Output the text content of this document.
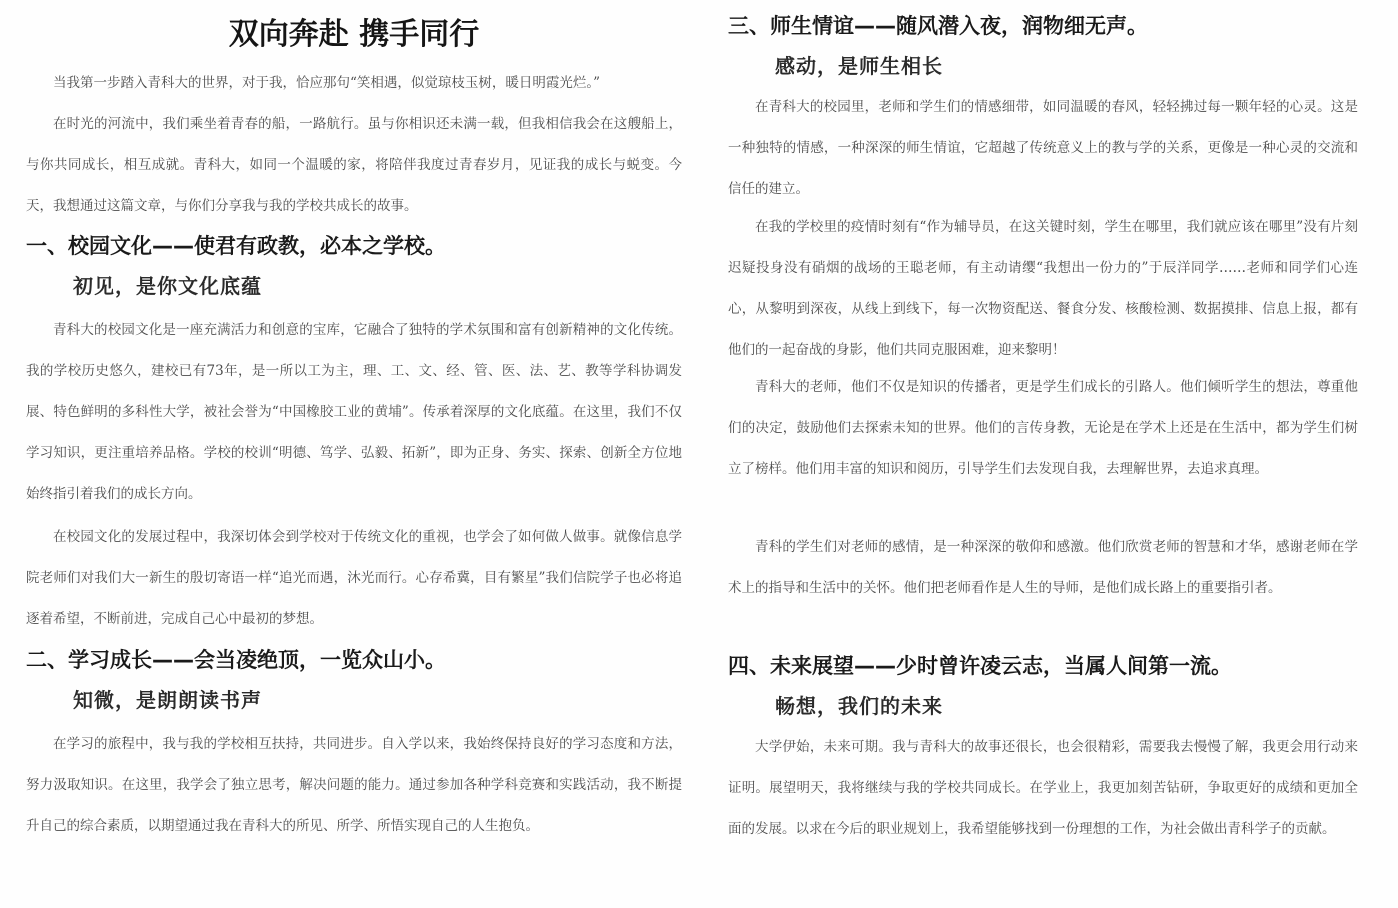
双向奔赴 携手同行

当我第一步踏入青科大的世界，对于我，恰应那句“笑相遇，似觉琼枝玉树，暖日明霞光烂。”

在时光的河流中，我们乘坐着青春的船，一路航行。虽与你相识还未满一载，但我相信我会在这艘船上，与你共同成长，相互成就。青科大，如同一个温暖的家，将陪伴我度过青春岁月，见证我的成长与蜕变。今天，我想通过这篇文章，与你们分享我与我的学校共成长的故事。

一、校园文化——使君有政教，必本之学校。
初见，是你文化底蕴

青科大的校园文化是一座充满活力和创意的宝库，它融合了独特的学术氛围和富有创新精神的文化传统。我的学校历史悠久，建校已有73年，是一所以工为主，理、工、文、经、管、医、法、艺、教等学科协调发展、特色鲜明的多科性大学，被社会誉为“中国橡胶工业的黄埔”。传承着深厚的文化底蕴。在这里，我们不仅学习知识，更注重培养品格。学校的校训“明德、笃学、弘毅、拓新”，即为正身、务实、探索、创新全方位地始终指引着我们的成长方向。

在校园文化的发展过程中，我深切体会到学校对于传统文化的重视，也学会了如何做人做事。就像信息学院老师们对我们大一新生的殷切寄语一样“追光而遇，沐光而行。心存希冀，目有繁星”我们信院学子也必将追逐着希望，不断前进，完成自己心中最初的梦想。

二、学习成长——会当凌绝顶，一览众山小。
知微，是朗朗读书声

在学习的旅程中，我与我的学校相互扶持，共同进步。自入学以来，我始终保持良好的学习态度和方法，努力汲取知识。在这里，我学会了独立思考，解决问题的能力。通过参加各种学科竞赛和实践活动，我不断提升自己的综合素质，以期望通过我在青科大的所见、所学、所悟实现自己的人生抱负。

三、师生情谊——随风潜入夜，润物细无声。
感动，是师生相长

在青科大的校园里，老师和学生们的情感细带，如同温暖的春风，轻轻拂过每一颗年轻的心灵。这是一种独特的情感，一种深深的师生情谊，它超越了传统意义上的教与学的关系，更像是一种心灵的交流和信任的建立。

在我的学校里的疫情时刻有“作为辅导员，在这关键时刻，学生在哪里，我们就应该在哪里”没有片刻迟疑投身没有硝烟的战场的王聪老师，有主动请缨“我想出一份力的”于辰洋同学……老师和同学们心连心，从黎明到深夜，从线上到线下，每一次物资配送、餐食分发、核酸检测、数据摸排、信息上报，都有他们的一起奋战的身影，他们共同克服困难，迎来黎明！

青科大的老师，他们不仅是知识的传播者，更是学生们成长的引路人。他们倾听学生的想法，尊重他们的决定，鼓励他们去探索未知的世界。他们的言传身教，无论是在学术上还是在生活中，都为学生们树立了榜样。他们用丰富的知识和阅历，引导学生们去发现自我，去理解世界，去追求真理。

青科的学生们对老师的感情，是一种深深的敬仰和感激。他们欣赏老师的智慧和才华，感谢老师在学术上的指导和生活中的关怀。他们把老师看作是人生的导师，是他们成长路上的重要指引者。

四、未来展望——少时曾许凌云志，当属人间第一流。
畅想，我们的未来

大学伊始，未来可期。我与青科大的故事还很长，也会很精彩，需要我去慢慢了解，我更会用行动来证明。展望明天，我将继续与我的学校共同成长。在学业上，我更加刻苦钻研，争取更好的成绩和更加全面的发展。以求在今后的职业规划上，我希望能够找到一份理想的工作，为社会做出青科学子的贡献。
